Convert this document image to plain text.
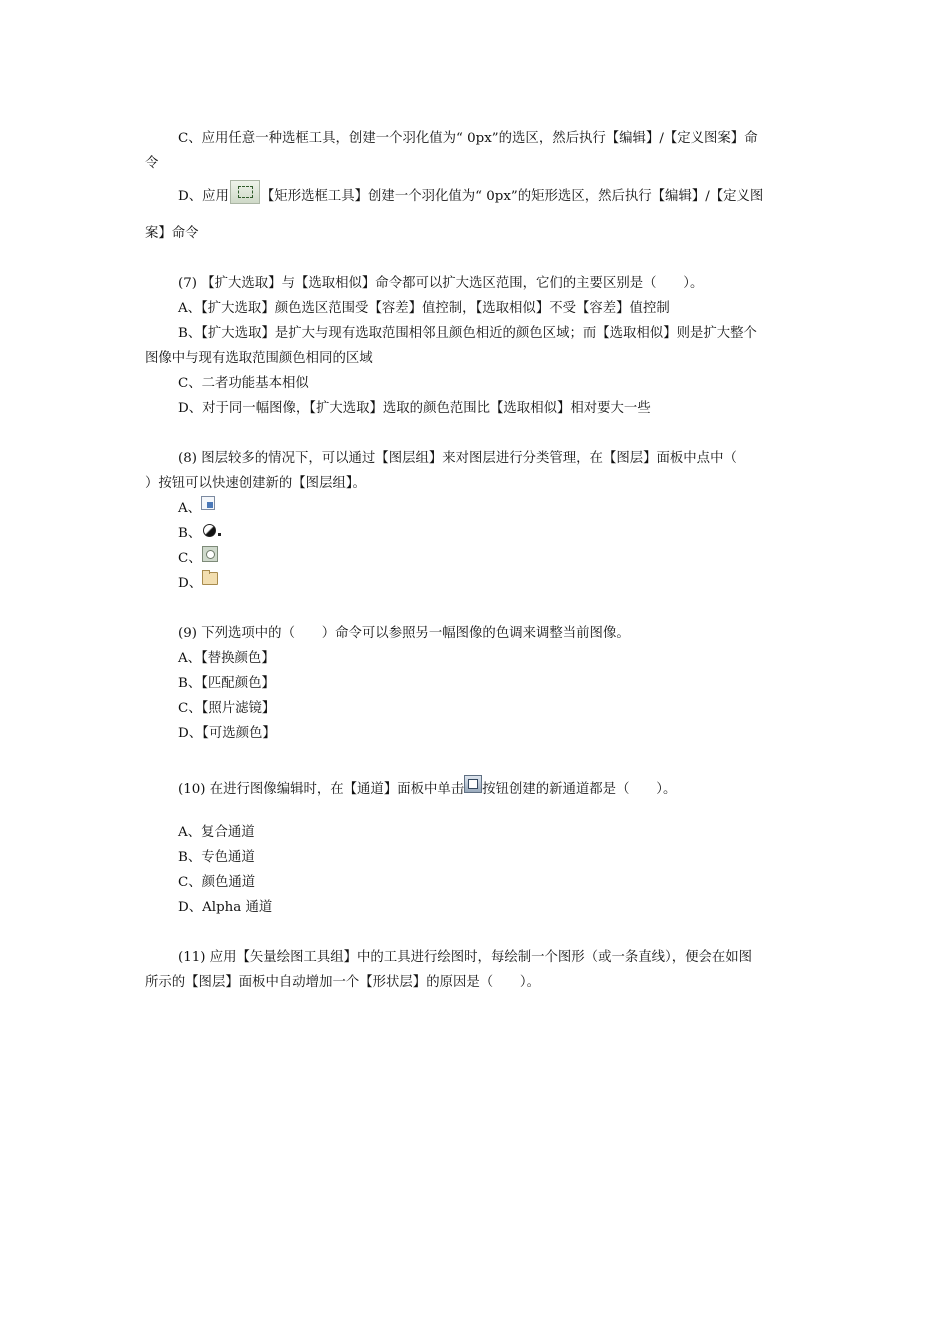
C、应用任意一种选框工具，创建一个羽化值为“ 0px”的选区，然后执行【编辑】/【定义图案】命

令

D、应用 【矩形选框工具】创建一个羽化值为“ 0px”的矩形选区，然后执行【编辑】/【定义图

案】命令

(7) 【扩大选取】与【选取相似】命令都可以扩大选区范围，它们的主要区别是（　　）。

A、【扩大选取】颜色选区范围受【容差】值控制，【选取相似】不受【容差】值控制

B、【扩大选取】是扩大与现有选取范围相邻且颜色相近的颜色区域；而【选取相似】则是扩大整个

图像中与现有选取范围颜色相同的区域

C、二者功能基本相似

D、对于同一幅图像，【扩大选取】选取的颜色范围比【选取相似】相对要大一些

(8) 图层较多的情况下，可以通过【图层组】来对图层进行分类管理，在【图层】面板中点中（

）按钮可以快速创建新的【图层组】。

A、

B、

C、

D、

(9) 下列选项中的（　　）命令可以参照另一幅图像的色调来调整当前图像。

A、【替换颜色】

B、【匹配颜色】

C、【照片滤镜】

D、【可选颜色】

(10) 在进行图像编辑时，在【通道】面板中单击 按钮创建的新通道都是（　　）。

A、复合通道

B、专色通道

C、颜色通道

D、Alpha 通道

(11) 应用【矢量绘图工具组】中的工具进行绘图时，每绘制一个图形（或一条直线），便会在如图

所示的【图层】面板中自动增加一个【形状层】的原因是（　　）。
